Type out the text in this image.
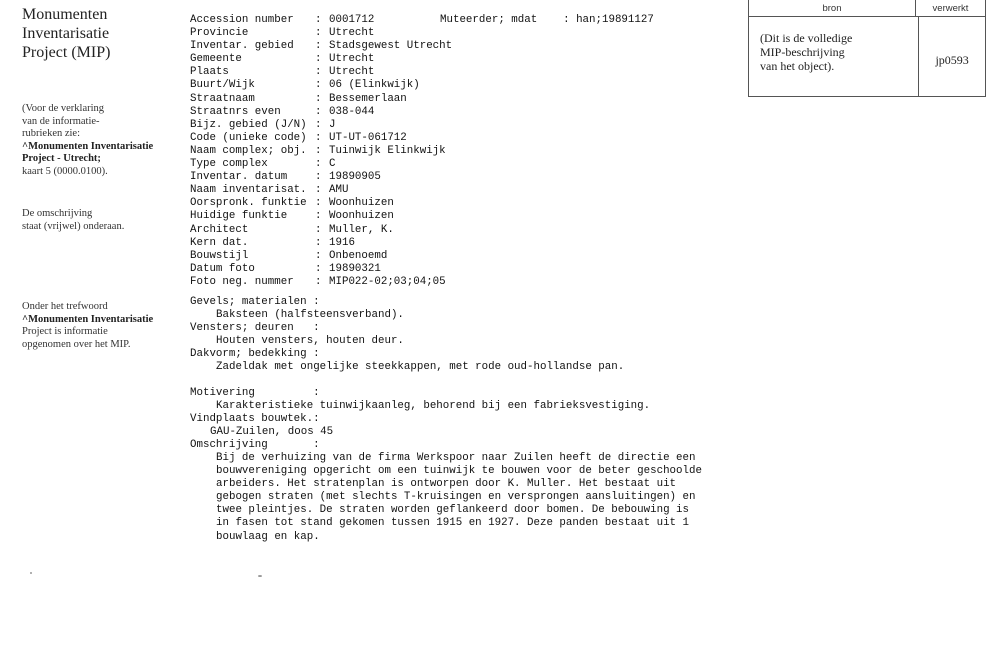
Monumenten
Inventarisatie
Project (MIP)
(Voor de verklaring
van de informatie-
rubrieken zie:
^Monumenten Inventarisatie
Project - Utrecht;
kaart 5 (0000.0100).
De omschrijving
staat (vrijwel) onderaan.
Onder het trefwoord
^Monumenten Inventarisatie
Project is informatie
opgenomen over het MIP.
bron	verwerkt
(Dit is de volledige
MIP-beschrijving
van het object).	jp0593
Muteerder; mdat    : han;19891127
Accession number	: 0001712
Provincie	: Utrecht
Inventar. gebied	: Stadsgewest Utrecht
Gemeente	: Utrecht
Plaats	: Utrecht
Buurt/Wijk	: 06 (Elinkwijk)
Straatnaam	: Bessemerlaan
Straatnrs even	: 038-044
Bijz. gebied (J/N) : J
Code (unieke code) : UT-UT-061712
Naam complex; obj. : Tuinwijk Elinkwijk
Type complex	: C
Inventar. datum	: 19890905
Naam inventarisat. : AMU
Oorspronk. funktie : Woonhuizen
Huidige funktie	: Woonhuizen
Architect	: Muller, K.
Kern dat.	: 1916
Bouwstijl	: Onbenoemd
Datum foto	: 19890321
Foto neg. nummer	: MIP022-02;03;04;05
Gevels; materialen :
Baksteen (halfsteensverband).
Vensters; deuren   :
Houten vensters, houten deur.
Dakvorm; bedekking :
Zadeldak met ongelijke steekkappen, met rode oud-hollandse pan.
Motivering         :
Karakteristieke tuinwijkaanleg, behorend bij een fabrieksvestiging.
Vindplaats bouwtek.:
GAU-Zuilen, doos 45
Omschrijving       :
Bij de verhuizing van de firma Werkspoor naar Zuilen heeft de directie een
bouwvereniging opgericht om een tuinwijk te bouwen voor de beter geschoolde
arbeiders. Het stratenplan is ontworpen door K. Muller. Het bestaat uit
gebogen straten (met slechts T-kruisingen en versprongen aansluitingen) en
twee pleintjes. De straten worden geflankeerd door bomen. De bebouwing is
in fasen tot stand gekomen tussen 1915 en 1927. Deze panden bestaat uit 1
bouwlaag en kap.
